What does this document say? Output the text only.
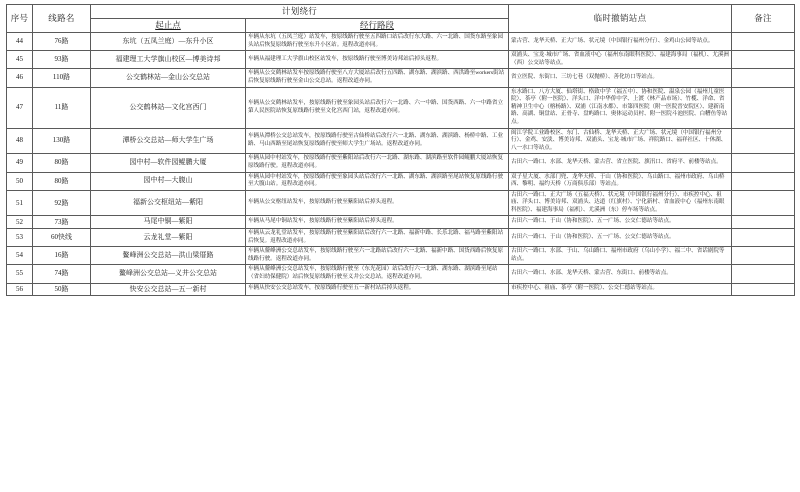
序号	线路名	计划绕行		临时撤销站点	备注
		起止点	经行路段		
44	76路	东坑（五凤兰庭）—东升小区	车辆从东坑（五凤兰庭）站发车，按原线路行驶至五四路口站后改行东大路、六一北路、国货东路至象园头站后恢复原线路行驶至东升小区站。返程改道亦同。	蒙古营、龙华天桥、正大广场、状元境（中国银行福州分行）、金鸡山公园等站点。	
45	93路	福建理工大学旗山校区—博美诗邦	车辆从福建理工大学旗山校区站发车，按原线路行驶至博美诗邦站后掉头返程。	双浦头、宝龙·城市广场、省血液中心（福州东南眼科医院）、福建海事局（福机）、尤溪洲（西）公交站等站点。	
46	110路	公交鹤林站—金山公交总站	车辆从公交鹤林站发车按原线路行驶至八方大厦站后改行五四路、湖东路、湖滨路、西洪路至workers街站后恢复原线路行驶至金山公交总站。返程改道亦同。	省立医院、东街口、三坊七巷（双抛桥）、善化坊口等站点。	
47	11路	公交鹤林站—文化宫西门	车辆从公交鹤林站发车，按原线路行驶至象园头站后改行六一北路、六一中路、国货西路、六一中路省立第人民医院站恢复原线路行驶至文化宫西门站，返程改道亦同。	东水路口、八方大厦、仙塔街、格致中学（福五中）、协和医院、温泉公园（福州儿童医院）、茶亭（附一医院）、洋头口、洋中华侨中学、上渡（林产品市场）、竹榄、洋命、省精神卫生中心（榕杨路）、双浦（江南水都）、市第四医院（附一医院晋安院区）、建新南路、高湖、铜盘站、正骨寺、盘屿路口、奥体运动员村、附一医院斗池医院、白糟鱼等站点。	
48	130路	潭桥公交总站—师大学生广场	车辆从潭桥公交总站发车，按原线路行驶至古仙桥站后改行六一北路、湖东路、湖滨路、杨桥中路、工业路、马山西路至尾站恢复原线路行驶至师大学生广场站。返程改道亦同。	闽江学院工业路校区、东门、古仙桥、龙华天桥、正大广场、状元境（中国银行福州分行）、金鸡、安淡、博美诗邦、双浦头、宝龙·城市广场、祥院路口、福祥社区、十休湖、八一水口等站点。	
49	80路	园中村—软件园鲲鹏大厦	车辆从园中村站发车，按原线路行驶至紫阳站后改行六一北路、湖东路、湖滨路至软件园鲲鹏大厦站恢复原线路行驶。返程改道亦同。	古田六一路口、水部、龙华天桥、蒙古营、省立医院、旗汛口、省府平、前楼等站点。	
50	80路	园中村—大腹山	车辆从园中村站发车，按原线路行驶至象园头站后改行六一北路、湖东路、湖滨路至尾站恢复原线路行驶至大腹山站。返程改道亦同。	双子星大厦、水部门兜、龙华天桥、于山（协和医院）、乌山路口、福州市政府、乌山桥西、黎明、福约天桥（万商俱乐部）等站点。	
51	92路	福新公交枢纽站—紫阳	车辆从公交枢纽站发车，按原线路行驶至紫阳站后掉头返程。	古田六一路口、正大广场（五福天桥）、状元境（中国银行福州分行）、市疾控中心、祖庙、洋头口、博美诗邦、双浦头、达道（红旗村）、宁化新村、省血液中心（福州东南眼科医院）、福建海事局（福机）、尤溪洲（东）停车场等站点。	
52	73路	马尾中铜—紫阳	车辆从马尾中铜站发车，按原线路行驶至紫阳站后掉头返程。	古田六一路口、于山（协和医院）、五一广场、公交仁德站等站点。	
53	60快线	云龙礼堂—紫阳	车辆从云龙礼堂站发车，按原线路行驶至紫阳站后改行六一北路、福新中路、长乐北路、福马路至紫阳站后恢复。返程改道亦同。	古田六一路口、于山（协和医院）、五一广场、公交仁德站等站点。	
54	16路	鳌峰洲公交总站—洪山梁厝路	车辆从鳌峰洲公交总站发车，按原线路行驶至六一北路站后改行六一北路、福新中路、国货西路后恢复原线路行驶。返程改道亦同。	古田六一路口、水部、于山、乌山路口、福州市政府（乌山小学）、福二中、省话剧院等站点。	
55	74路	鳌峰洲公交总站—义井公交总站	车辆从鳌峰洲公交总站发车，按原线路行驶至（东光花园）站后改行六一北路、湖东路、湖滨路至尾站（省妇幼保健院）站后恢复原线路行驶至义井公交总站。返程改道亦同。	古田六一路口、水部、龙华天桥、蒙古营、东街口、前楼等站点。	
56	50路	快安公交总站—五一新村	车辆从快安公交总站发车，按原线路行驶至五一新村站后掉头返程。	市疾控中心、祖庙、茶亭（附一医院）、公交仁德站等站点。	
